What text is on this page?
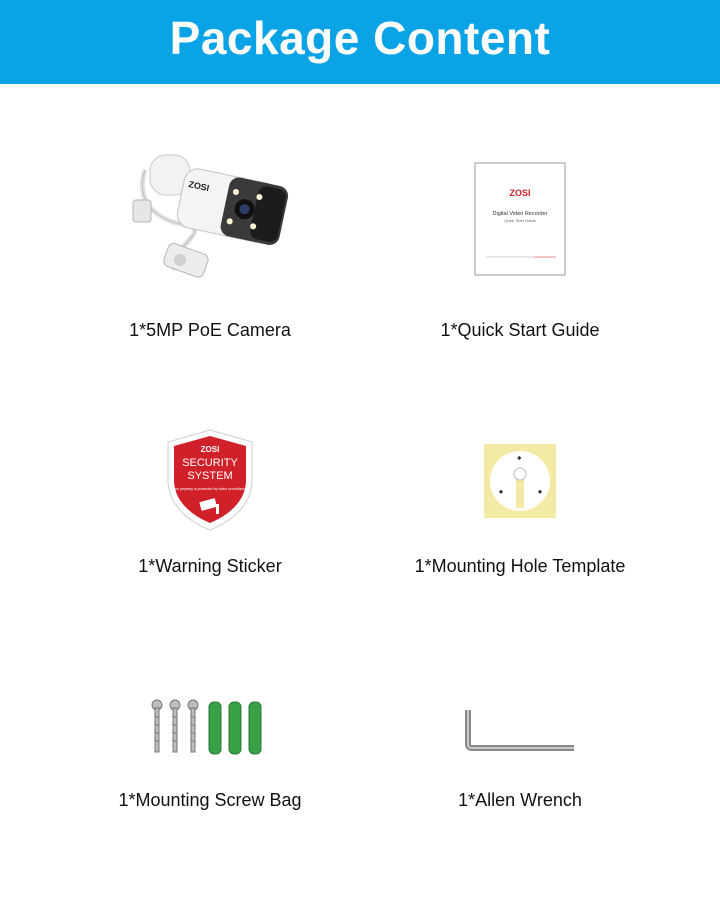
Package Content
ZOSI
1*5MP PoE Camera
ZOSI
Digital Video Recorder
Quick Start Guide
1*Quick Start Guide
ZOSI
SECURITY
SYSTEM
This property is protected by video surveillance.
1*Warning Sticker	1*Mounting Hole Template
1*Mounting Screw Bag	1*Allen Wrench
